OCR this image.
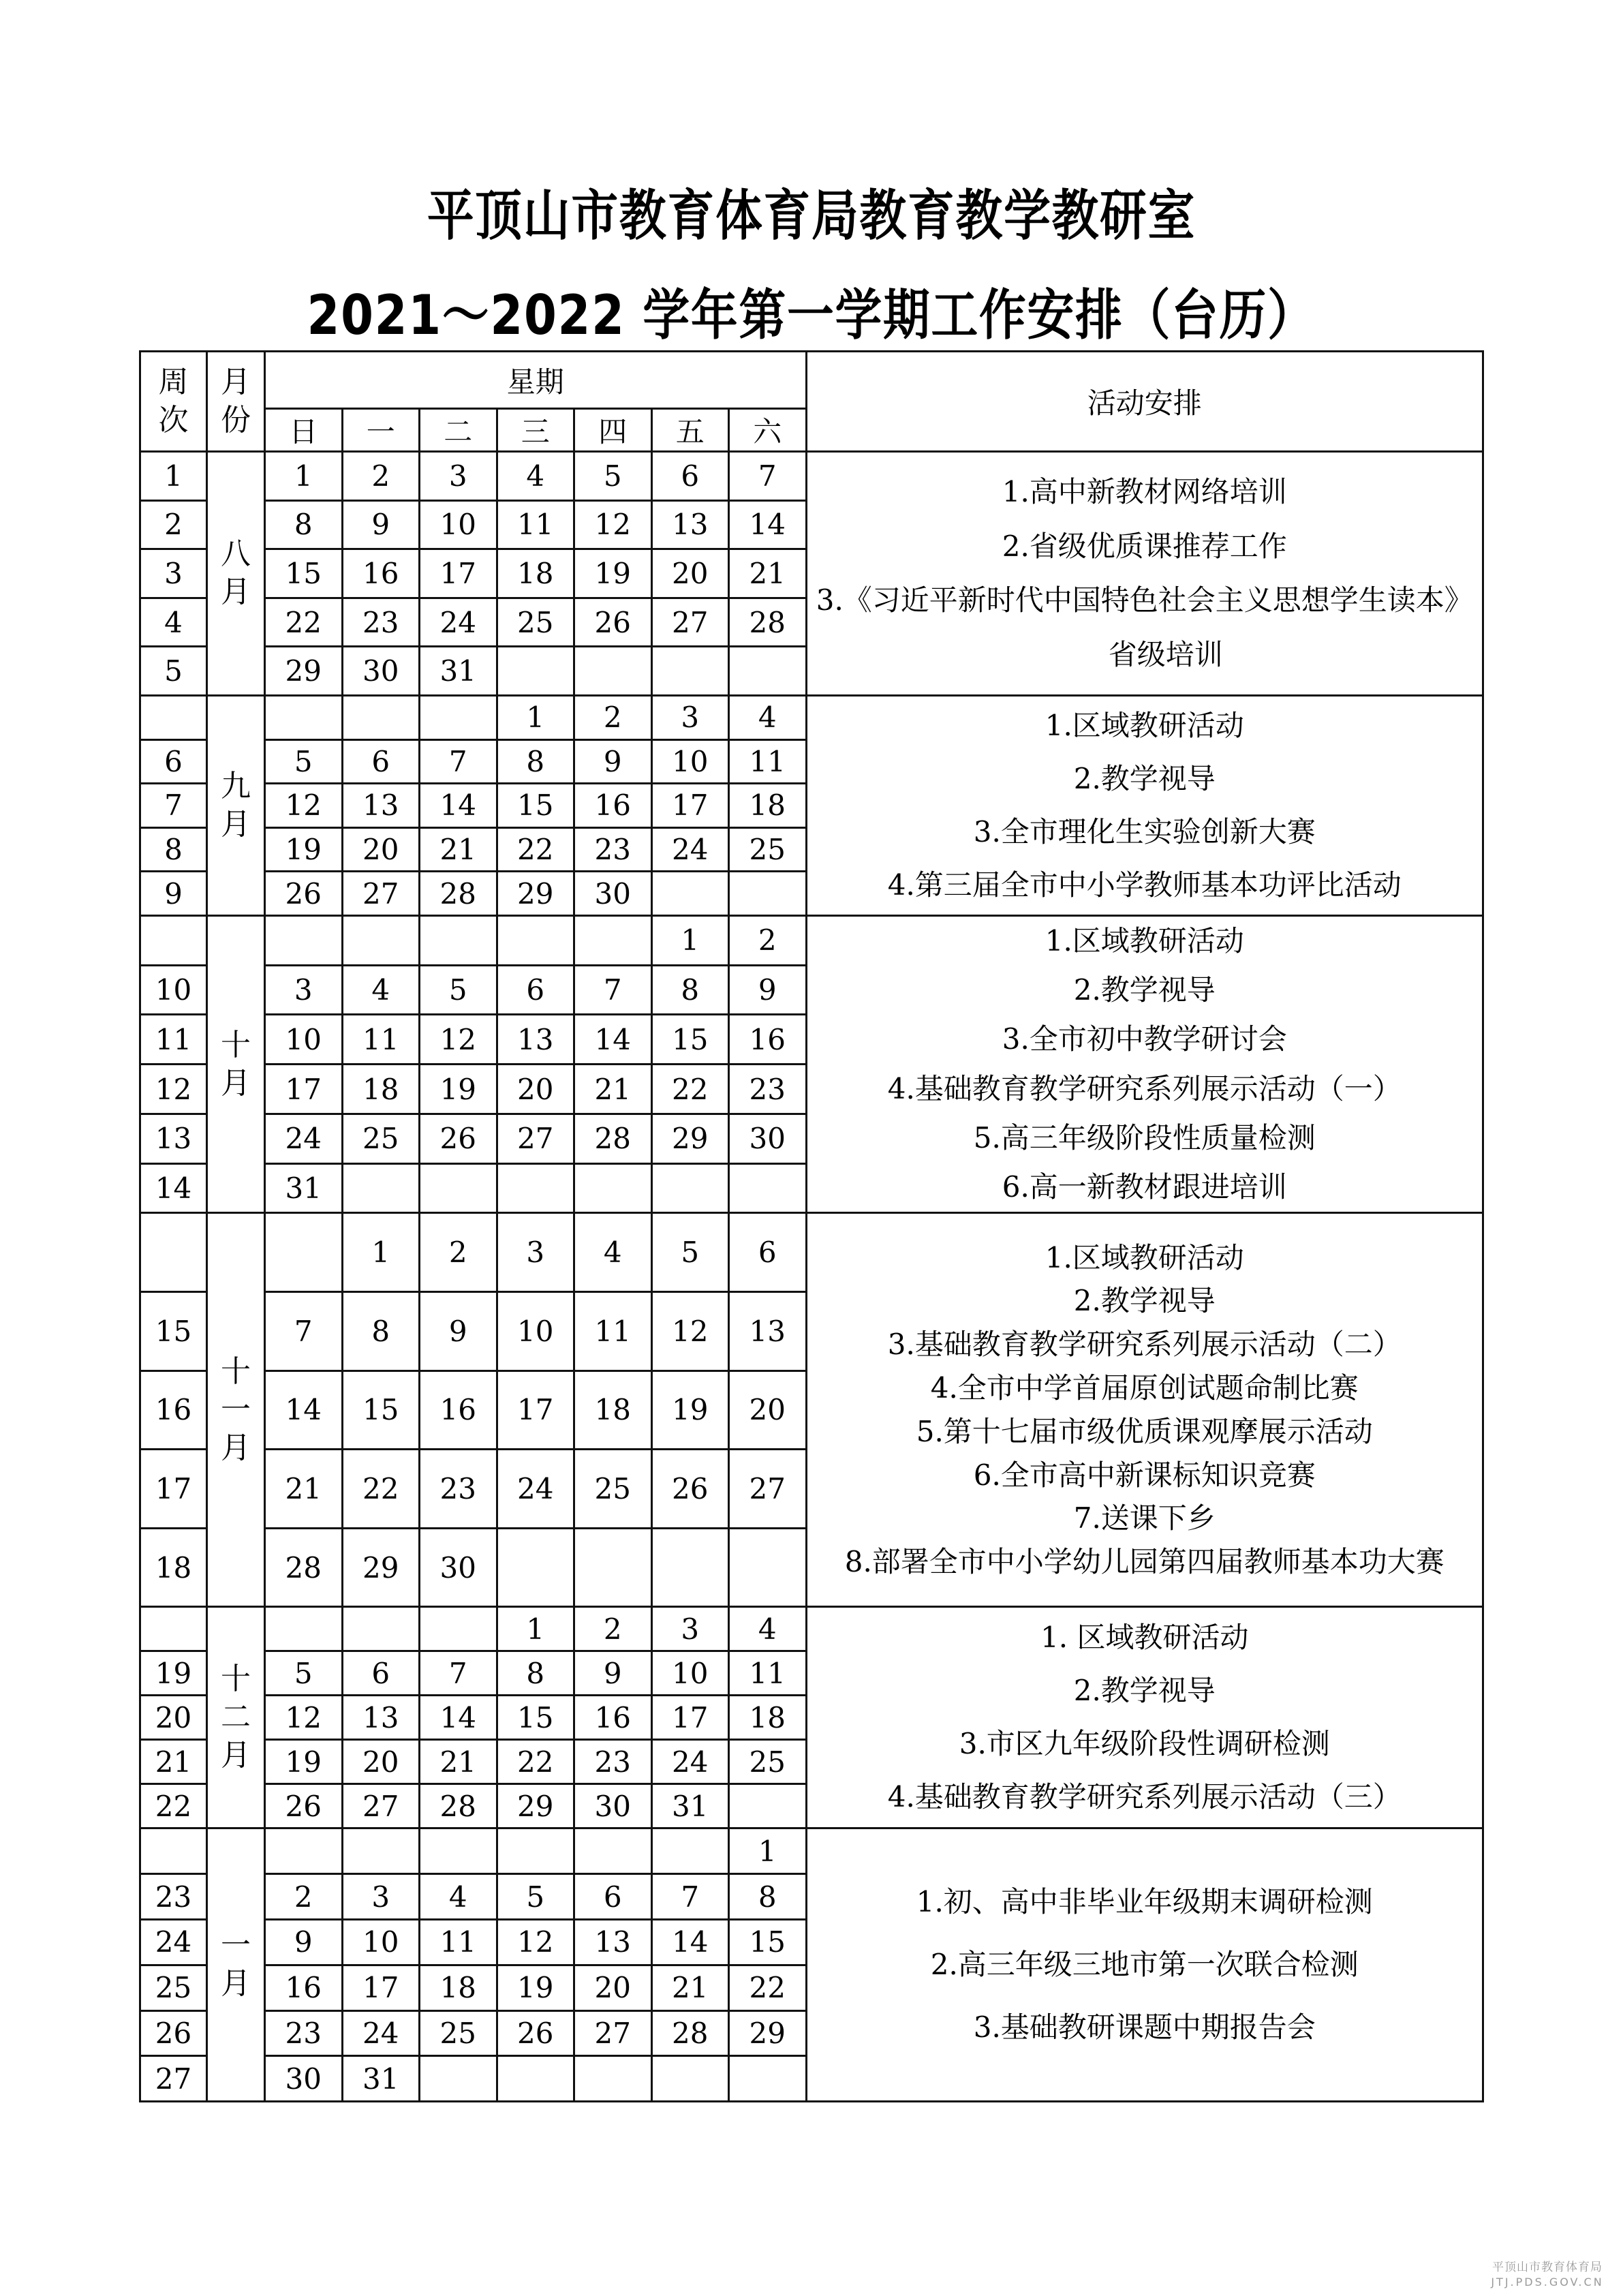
平顶山市教育体育局教育教学教研室
2021～2022 学年第一学期工作安排（台历）
周次	月份	星期							活动安排
		日	一	二	三	四	五	六	
1	八月	1	2	3	4	5	6	7	1.高中新教材网络培训
2.省级优质课推荐工作
3.《习近平新时代中国特色社会主义思想学生读本》省级培训

2		8	9	10	11	12	13	14	
3		15	16	17	18	19	20	21	
4		22	23	24	25	26	27	28	
5		29	30	31					
	九月				1	2	3	4	1.区域教研活动
2.教学视导
3.全市理化生实验创新大赛
4.第三届全市中小学教师基本功评比活动

6		5	6	7	8	9	10	11	
7		12	13	14	15	16	17	18	
8		19	20	21	22	23	24	25	
9		26	27	28	29	30			
	十月						1	2	1.区域教研活动
2.教学视导
3.全市初中教学研讨会
4.基础教育教学研究系列展示活动（一）
5.高三年级阶段性质量检测
6.高一新教材跟进培训

10		3	4	5	6	7	8	9	
11		10	11	12	13	14	15	16	
12		17	18	19	20	21	22	23	
13		24	25	26	27	28	29	30	
14		31							
	十一月		1	2	3	4	5	6	1.区域教研活动
2.教学视导
3.基础教育教学研究系列展示活动（二）
4.全市中学首届原创试题命制比赛
5.第十七届市级优质课观摩展示活动
6.全市高中新课标知识竞赛
7.送课下乡
8.部署全市中小学幼儿园第四届教师基本功大赛

15		7	8	9	10	11	12	13	
16		14	15	16	17	18	19	20	
17		21	22	23	24	25	26	27	
18		28	29	30					
	十二月				1	2	3	4	1. 区域教研活动
2.教学视导
3.市区九年级阶段性调研检测
4.基础教育教学研究系列展示活动（三）

19		5	6	7	8	9	10	11	
20		12	13	14	15	16	17	18	
21		19	20	21	22	23	24	25	
22		26	27	28	29	30	31		
	一月							1	
1.初、高中非毕业年级期末调研检测
2.高三年级三地市第一次联合检测
3.基础教研课题中期报告会

23		2	3	4	5	6	7	8	
24		9	10	11	12	13	14	15	
25		16	17	18	19	20	21	22	
26		23	24	25	26	27	28	29	
27		30	31						
平顶山市教育体育局
JTJ.PDS.GOV.CN
